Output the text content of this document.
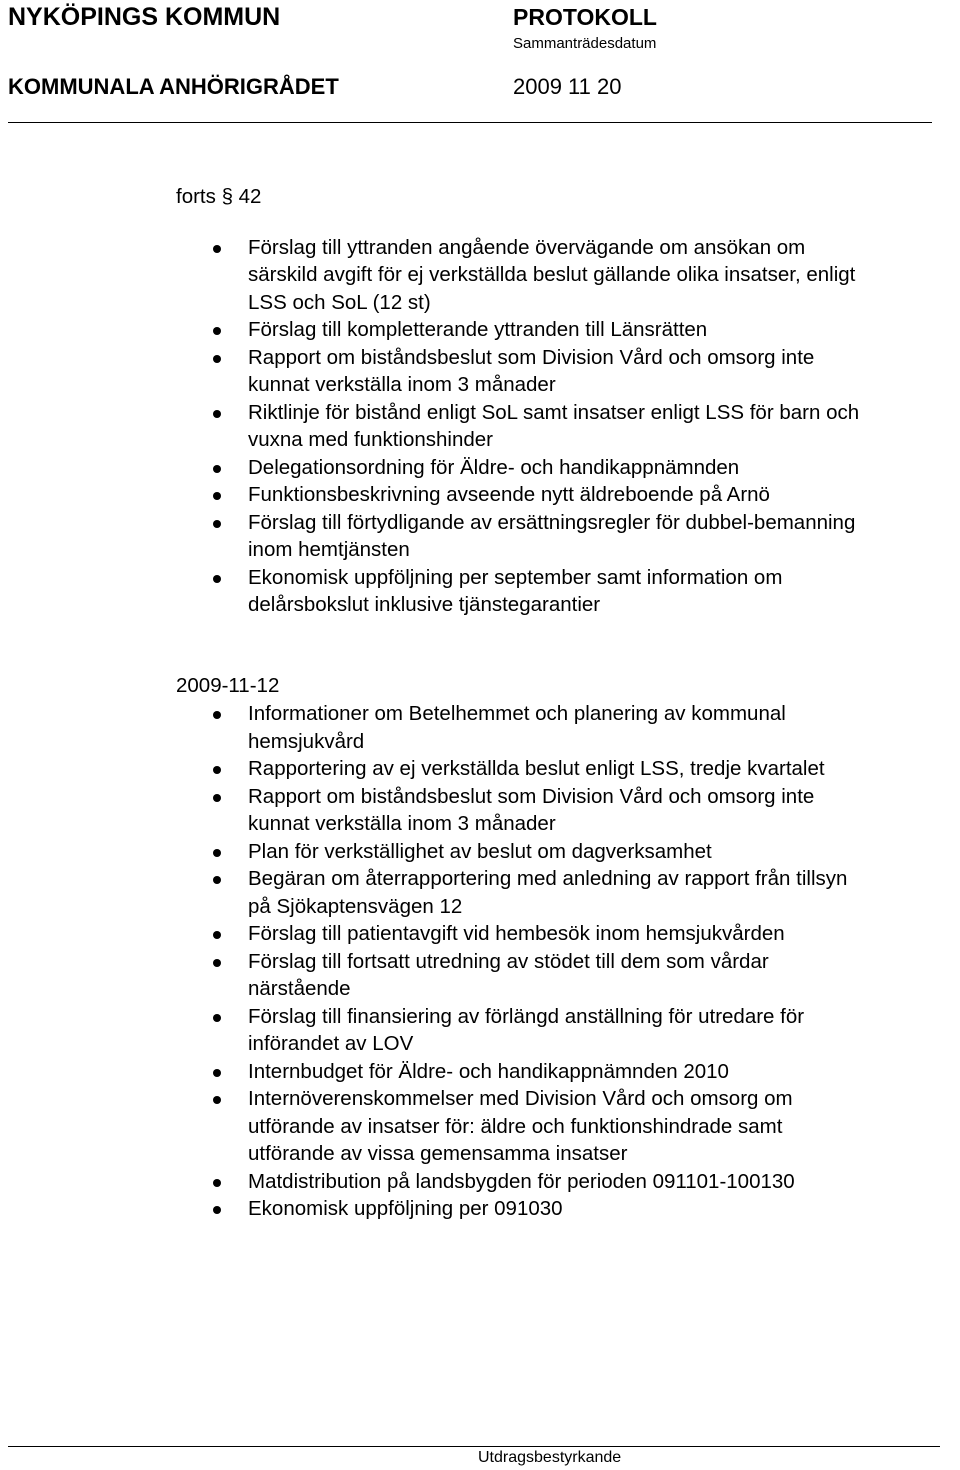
NYKÖPINGS KOMMUN	PROTOKOLL
Sammanträdesdatum
KOMMUNALA ANHÖRIGRÅDET	2009 11 20
forts § 42
Förslag till yttranden angående övervägande om ansökan om
särskild avgift för ej verkställda beslut gällande olika insatser, enligt
LSS och SoL (12 st)
Förslag till kompletterande yttranden till Länsrätten
Rapport om biståndsbeslut som Division Vård och omsorg inte
kunnat verkställa inom 3 månader
Riktlinje för bistånd enligt SoL samt insatser enligt LSS för barn och
vuxna med funktionshinder
Delegationsordning för Äldre- och handikappnämnden
Funktionsbeskrivning avseende nytt äldreboende på Arnö
Förslag till förtydligande av ersättningsregler för dubbel-bemanning
inom hemtjänsten
Ekonomisk uppföljning per september samt information om
delårsbokslut inklusive tjänstegarantier
2009-11-12
Informationer om Betelhemmet och planering av kommunal
hemsjukvård
Rapportering av ej verkställda beslut enligt LSS, tredje kvartalet
Rapport om biståndsbeslut som Division Vård och omsorg inte
kunnat verkställa inom 3 månader
Plan för verkställighet av beslut om dagverksamhet
Begäran om återrapportering med anledning av rapport från tillsyn
på Sjökaptensvägen 12
Förslag till patientavgift vid hembesök inom hemsjukvården
Förslag till fortsatt utredning av stödet till dem som vårdar
närstående
Förslag till finansiering av förlängd anställning för utredare för
införandet av LOV
Internbudget för Äldre- och handikappnämnden 2010
Internöverenskommelser med Division Vård och omsorg om
utförande av insatser för: äldre och funktionshindrade samt
utförande av vissa gemensamma insatser
Matdistribution på landsbygden för perioden 091101-100130
Ekonomisk uppföljning per 091030
Utdragsbestyrkande
